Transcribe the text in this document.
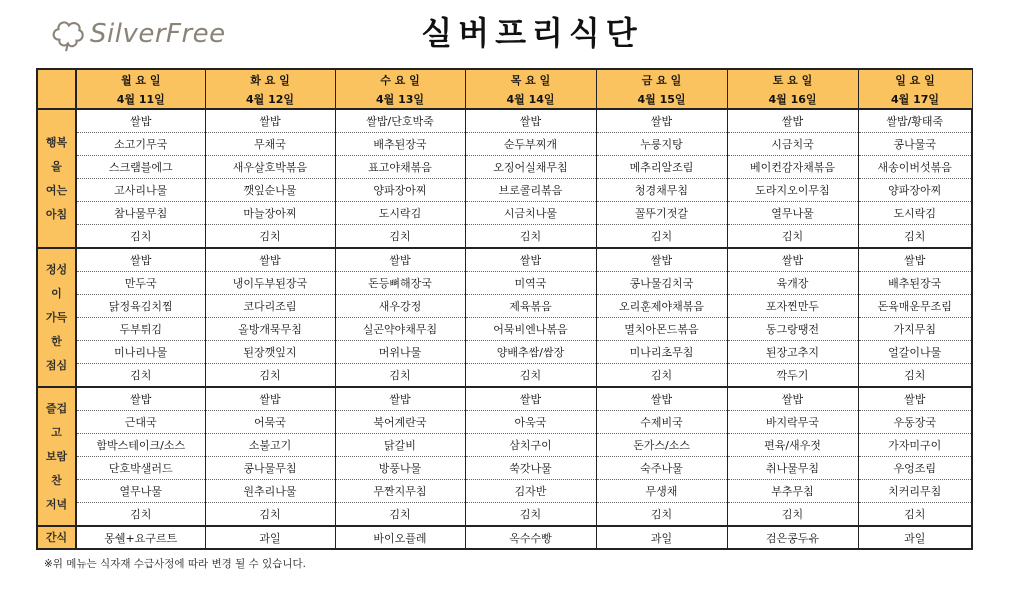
SilverFree	실버프리식단
	월 요 일	화 요 일	수 요 일	목 요 일	금 요 일	토 요 일	일 요 일
	4월 11일	4월 12일	4월 13일	4월 14일	4월 15일	4월 16일	4월 17일

행복
을
여는
아침	쌀밥	쌀밥	쌀밥/단호박죽	쌀밥	쌀밥	쌀밥	쌀밥/황태죽
	소고기무국	무채국	배추된장국	순두부찌개	누룽지탕	시금치국	콩나물국
	스크램블에그	새우살호박볶음	표고야채볶음	오징어실채무침	메추리알조림	베이컨감자채볶음	새송이버섯볶음
	고사리나물	깻잎순나물	양파장아찌	브로콜리볶음	청경채무침	도라지오이무침	양파장아찌
	참나물무침	마늘장아찌	도시락김	시금치나물	꼴뚜기젓갈	열무나물	도시락김
	김치	김치	김치	김치	김치	김치	김치

정성
이
가득
한
점심	쌀밥	쌀밥	쌀밥	쌀밥	쌀밥	쌀밥	쌀밥
	만두국	냉이두부된장국	돈등뼈해장국	미역국	콩나물김치국	육개장	배추된장국
	닭정육김치찜	코다리조림	새우강정	제육볶음	오리훈제야채볶음	포자찐만두	돈육매운무조림
	두부튀김	올방개묵무침	실곤약야채무침	어묵비엔나볶음	멸치아몬드볶음	동그랑땡전	가지무침
	미나리나물	된장깻잎지	머위나물	양배추쌈/쌈장	미나리초무침	된장고추지	얼갈이나물
	김치	김치	김치	김치	김치	깍두기	김치

즐겁
고
보람
찬
저녁	쌀밥	쌀밥	쌀밥	쌀밥	쌀밥	쌀밥	쌀밥
	근대국	어묵국	북어계란국	아욱국	수제비국	바지락무국	우동장국
	함박스테이크/소스	소불고기	닭갈비	삼치구이	돈가스/소스	편육/새우젓	가자미구이
	단호박샐러드	콩나물무침	방풍나물	쑥갓나물	숙주나물	취나물무침	우엉조림
	열무나물	원추리나물	무짠지무침	김자반	무생채	부추무침	치커리무침
	김치	김치	김치	김치	김치	김치	김치
간식	몽쉘+요구르트	과일	바이오플레	옥수수빵	과일	검은콩두유	과일
※위 메뉴는 식자재 수급사정에 따라 변경 될 수 있습니다.
